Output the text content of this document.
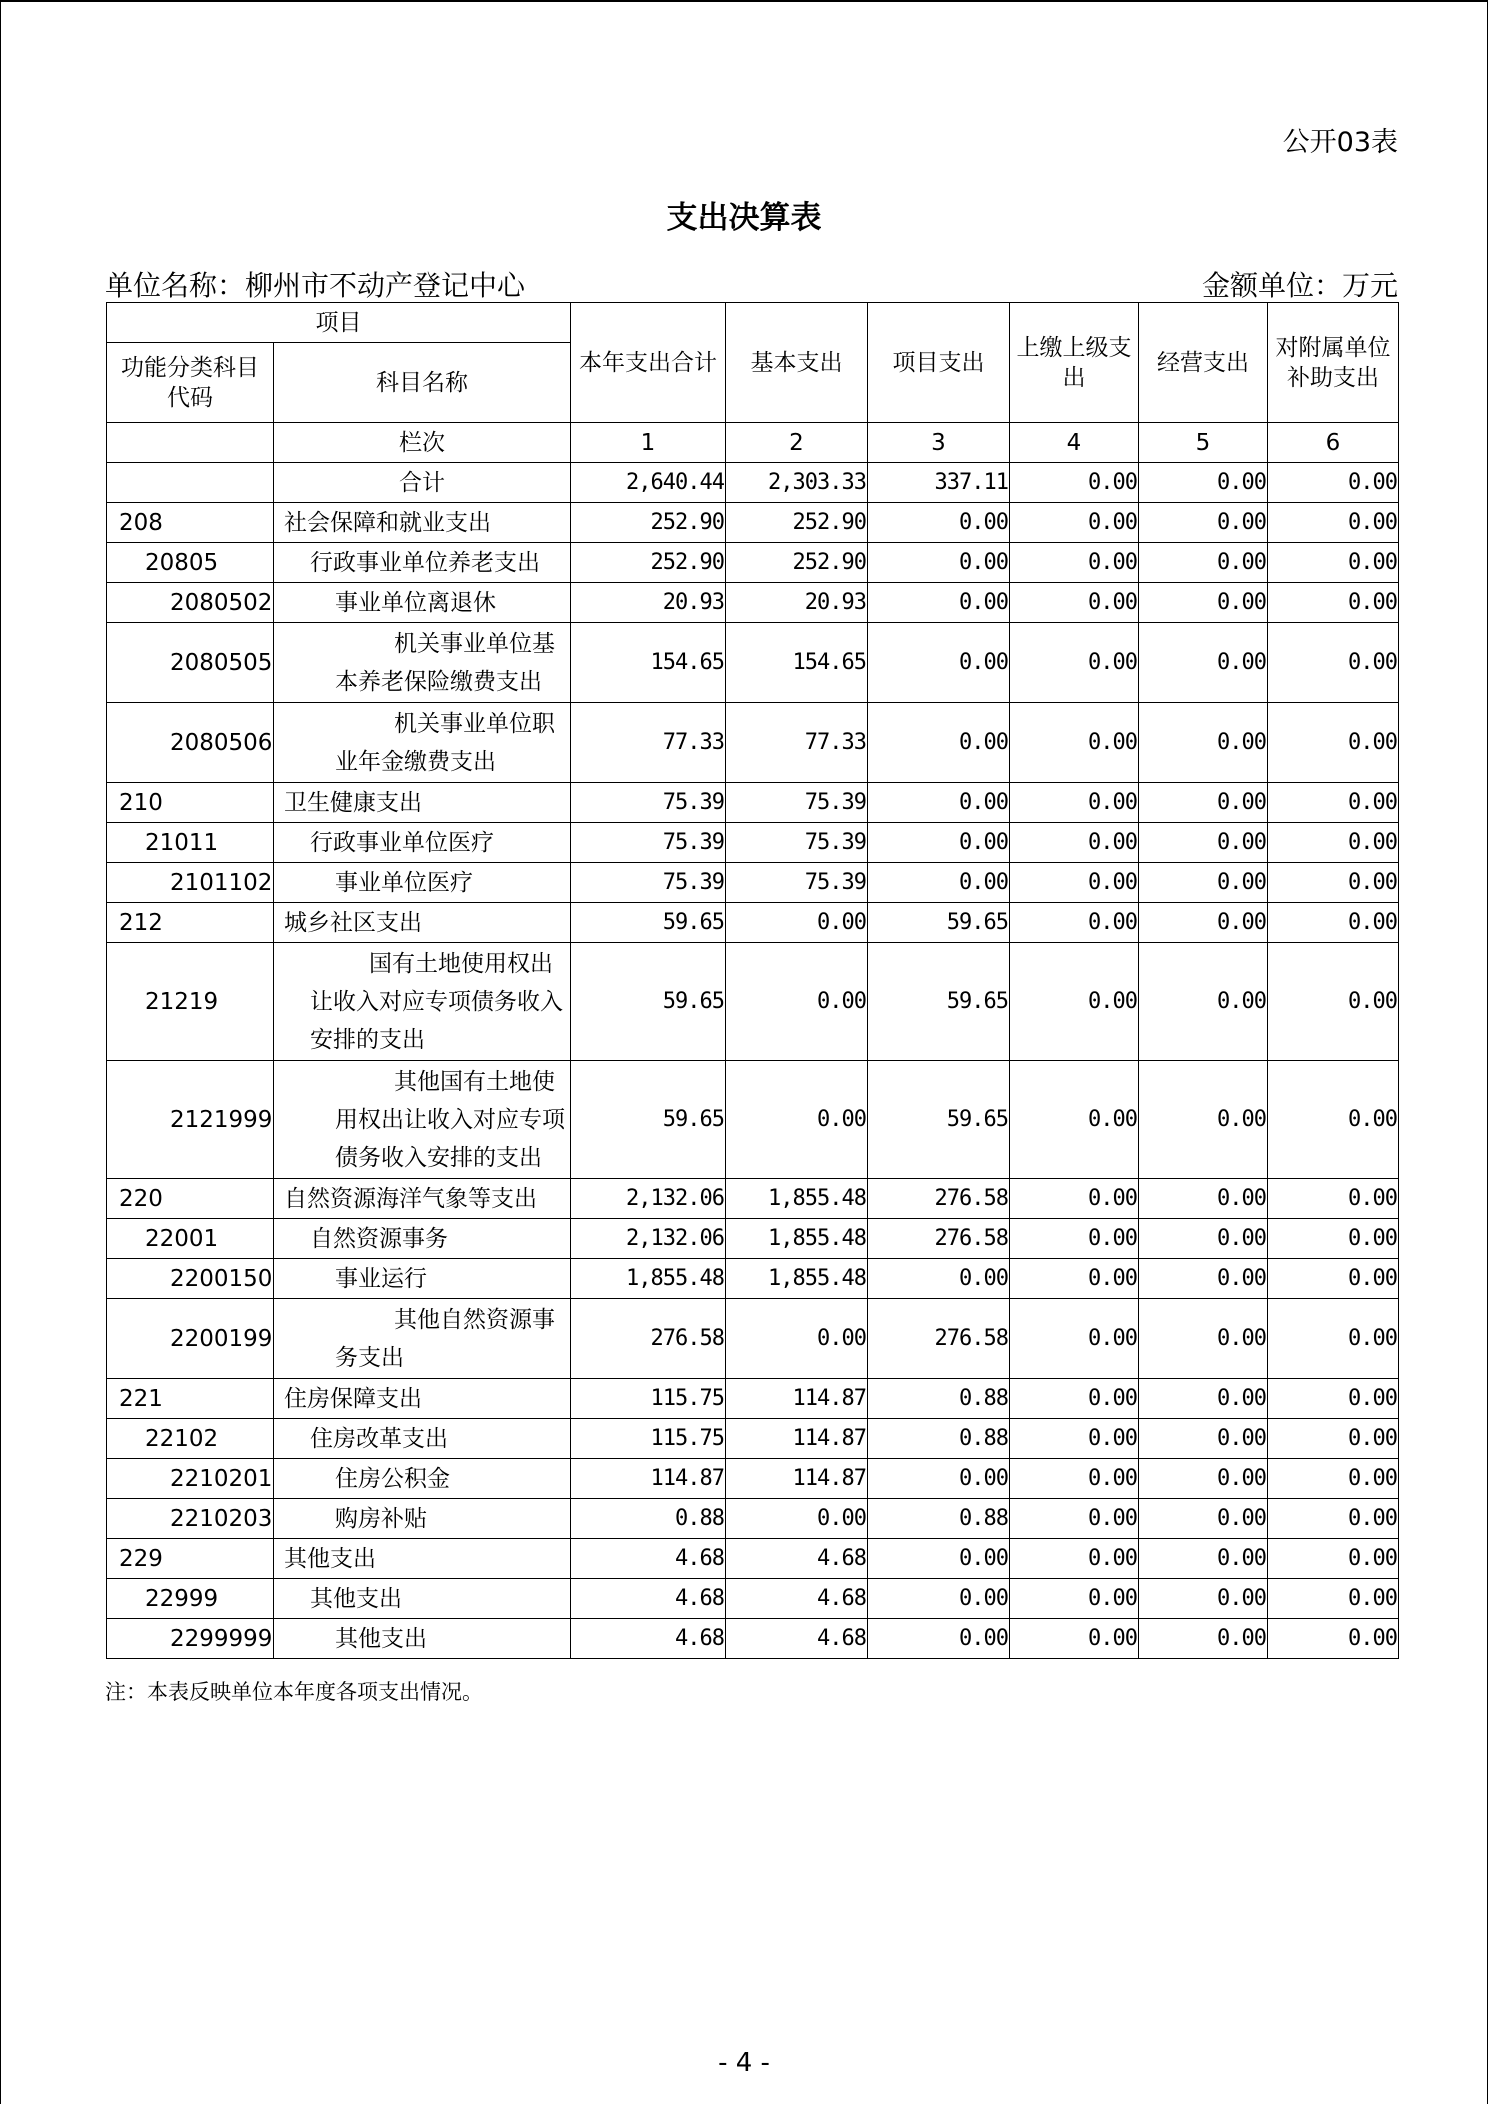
公开03表
支出决算表
单位名称：柳州市不动产登记中心	金额单位：万元
项目		本年支出合计	基本支出	项目支出	上缴上级支出	经营支出	对附属单位补助支出
功能分类科目代码	科目名称						
	栏次	1	2	3	4	5	6
	合计	2,640.44	2,303.33	337.11	0.00	0.00	0.00
208	社会保障和就业支出	252.90	252.90	0.00	0.00	0.00	0.00
20805	行政事业单位养老支出	252.90	252.90	0.00	0.00	0.00	0.00
2080502	事业单位离退休	20.93	20.93	0.00	0.00	0.00	0.00
2080505	机关事业单位基本养老保险缴费支出	154.65	154.65	0.00	0.00	0.00	0.00
2080506	机关事业单位职业年金缴费支出	77.33	77.33	0.00	0.00	0.00	0.00
210	卫生健康支出	75.39	75.39	0.00	0.00	0.00	0.00
21011	行政事业单位医疗	75.39	75.39	0.00	0.00	0.00	0.00
2101102	事业单位医疗	75.39	75.39	0.00	0.00	0.00	0.00
212	城乡社区支出	59.65	0.00	59.65	0.00	0.00	0.00
21219	国有土地使用权出让收入对应专项债务收入安排的支出	59.65	0.00	59.65	0.00	0.00	0.00
2121999	其他国有土地使用权出让收入对应专项债务收入安排的支出	59.65	0.00	59.65	0.00	0.00	0.00
220	自然资源海洋气象等支出	2,132.06	1,855.48	276.58	0.00	0.00	0.00
22001	自然资源事务	2,132.06	1,855.48	276.58	0.00	0.00	0.00
2200150	事业运行	1,855.48	1,855.48	0.00	0.00	0.00	0.00
2200199	其他自然资源事务支出	276.58	0.00	276.58	0.00	0.00	0.00
221	住房保障支出	115.75	114.87	0.88	0.00	0.00	0.00
22102	住房改革支出	115.75	114.87	0.88	0.00	0.00	0.00
2210201	住房公积金	114.87	114.87	0.00	0.00	0.00	0.00
2210203	购房补贴	0.88	0.00	0.88	0.00	0.00	0.00
229	其他支出	4.68	4.68	0.00	0.00	0.00	0.00
22999	其他支出	4.68	4.68	0.00	0.00	0.00	0.00
2299999	其他支出	4.68	4.68	0.00	0.00	0.00	0.00
注：本表反映单位本年度各项支出情况。
- 4 -
